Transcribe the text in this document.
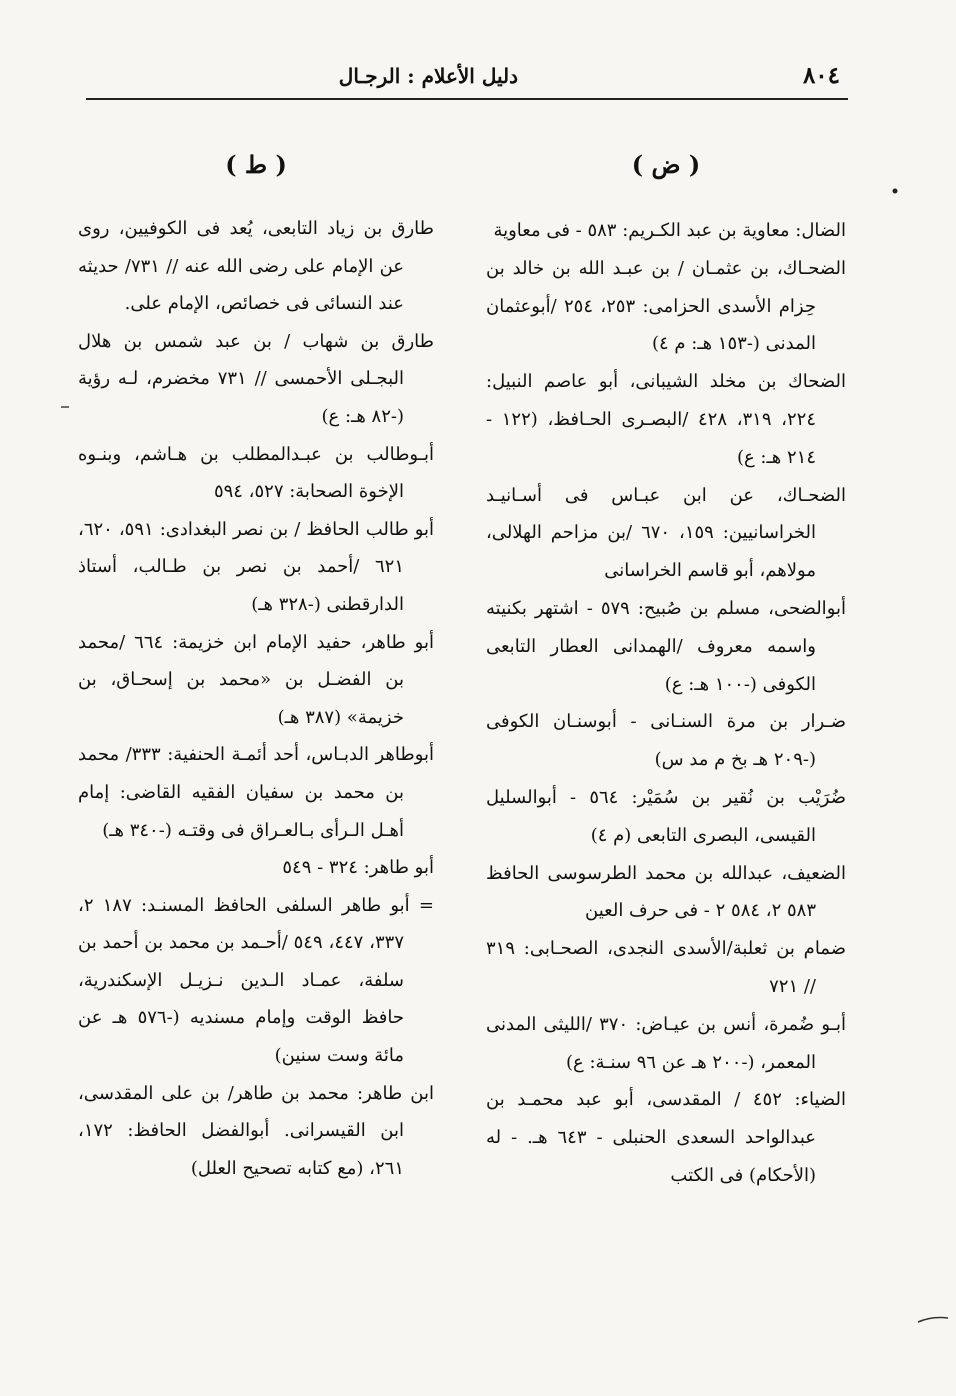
٨٠٤
دليل الأعلام : الرجـال
( ض )
الضال: معاوية بن عبد الكـريم: ٥٨٣ - فى معاوية
الضحـاك، بن عثمـان / بن عبـد الله بن خالد بن حِزام الأسدى الحزامى: ٢٥٣، ٢٥٤ /أبوعثمان المدنى (-١٥٣ هـ: م ٤)
الضحاك بن مخلد الشيبانى، أبو عاصم النبيل: ٢٢٤، ٣١٩، ٤٢٨ /البصـرى الحـافظ، (١٢٢ - ٢١٤ هـ: ع)
الضحـاك، عن ابن عبـاس فى أسـانيـد الخراسانيين: ١٥٩، ٦٧٠ /بن مزاحم الهلالى، مولاهم، أبو قاسم الخراسانى
أبوالضحى، مسلم بن صُبيح: ٥٧٩ - اشتهر بكنيته واسمه معروف /الهمدانى العطار التابعى الكوفى (-١٠٠ هـ: ع)
ضـرار بن مرة السنـانى - أبوسنـان الكوفى (-٢٠٩ هـ بخ م مد س)
ضُرَيْب بن نُقير بن سُمَيْر: ٥٦٤ - أبوالسليل القيسى، البصرى التابعى (م ٤)
الضعيف، عبدالله بن محمد الطرسوسى الحافظ ٥٨٣ ٢، ٥٨٤ ٢ - فى حرف العين
ضمام بن ثعلبة/الأسدى النجدى، الصحـابى: ٣١٩ // ٧٢١
أبـو ضُمرة، أنس بن عيـاض: ٣٧٠ /الليثى المدنى المعمر، (-٢٠٠ هـ عن ٩٦ سنـة: ع)
الضياء: ٤٥٢ / المقدسى، أبو عبد محمـد بن عبدالواحد السعدى الحنبلى - ٦٤٣ هـ. - له (الأحكام) فى الكتب
( ط )
طارق بن زياد التابعى، يُعد فى الكوفيين، روى عن الإمام على رضى الله عنه // ٧٣١/ حديثه عند النسائى فى خصائص، الإمام على.
طارق بن شهاب / بن عبد شمس بن هلال البجـلى الأحمسى // ٧٣١ مخضرم، لـه رؤية (-٨٢ هـ: ع)
أبـوطالب بن عبـدالمطلب بن هـاشم، وبنـوه الإخوة الصحابة: ٥٢٧، ٥٩٤
أبو طالب الحافظ / بن نصر البغدادى: ٥٩١، ٦٢٠، ٦٢١ /أحمد بن نصر بن طـالب، أستاذ الدارقطنى (-٣٢٨ هـ)
أبو طاهر، حفيد الإمام ابن خزيمة: ٦٦٤ /محمد بن الفضـل بن «محمد بن إسحـاق، بن خزيمة» (٣٨٧ هـ)
أبوطاهر الدبـاس، أحد أئمـة الحنفية: ٣٣٣/ محمد بن محمد بن سفيان الفقيه القاضى: إمام أهـل الـرأى بـالعـراق فى وقتـه (-٣٤٠ هـ)
أبو طاهر: ٣٢٤ - ٥٤٩
= أبو طاهر السلفى الحافظ المسنـد: ١٨٧ ٢، ٣٣٧، ٤٤٧، ٥٤٩ /أحـمد بن محمد بن أحمد بن سلفة، عمـاد الـدين نـزيـل الإسكندرية، حافظ الوقت وإمام مسنديه (-٥٧٦ هـ عن مائة وست سنين)
ابن طاهر: محمد بن طاهر/ بن على المقدسى، ابن القيسرانى. أبوالفضل الحافظ: ١٧٢، ٢٦١، (مع كتابه تصحيح العلل)
